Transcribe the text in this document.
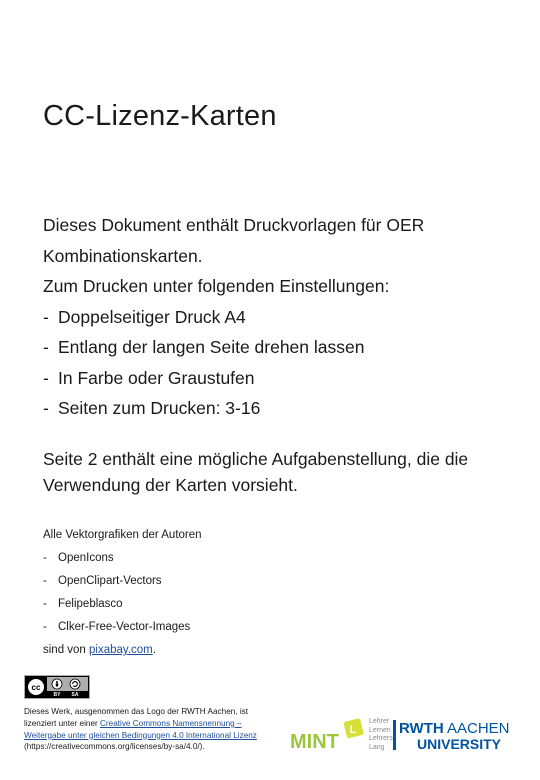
CC-Lizenz-Karten

Dieses Dokument enthält Druckvorlagen für OER Kombinationskarten.

Zum Drucken unter folgenden Einstellungen:

- Doppelseitiger Druck A4
- Entlang der langen Seite drehen lassen
- In Farbe oder Graustufen
- Seiten zum Drucken: 3-16
Seite 2 enthält eine mögliche Aufgabenstellung, die die Verwendung der Karten vorsieht.
Alle Vektorgrafiken der Autoren
- OpenIcons
- OpenClipart-Vectors
- Felipeblasco
- Clker-Free-Vector-Images
sind von pixabay.com.
cc
BY SA
Dieses Werk, ausgenommen das Logo der RWTH Aachen, ist lizenziert unter einer Creative Commons Namensnennung – Weitergabe unter gleichen Bedingungen 4.0 International Lizenz (https://creativecommons.org/licenses/by-sa/4.0/).
L
MINT
Lehrer
Lernen
Lehrers
Lang
RWTH AACHEN
UNIVERSITY
